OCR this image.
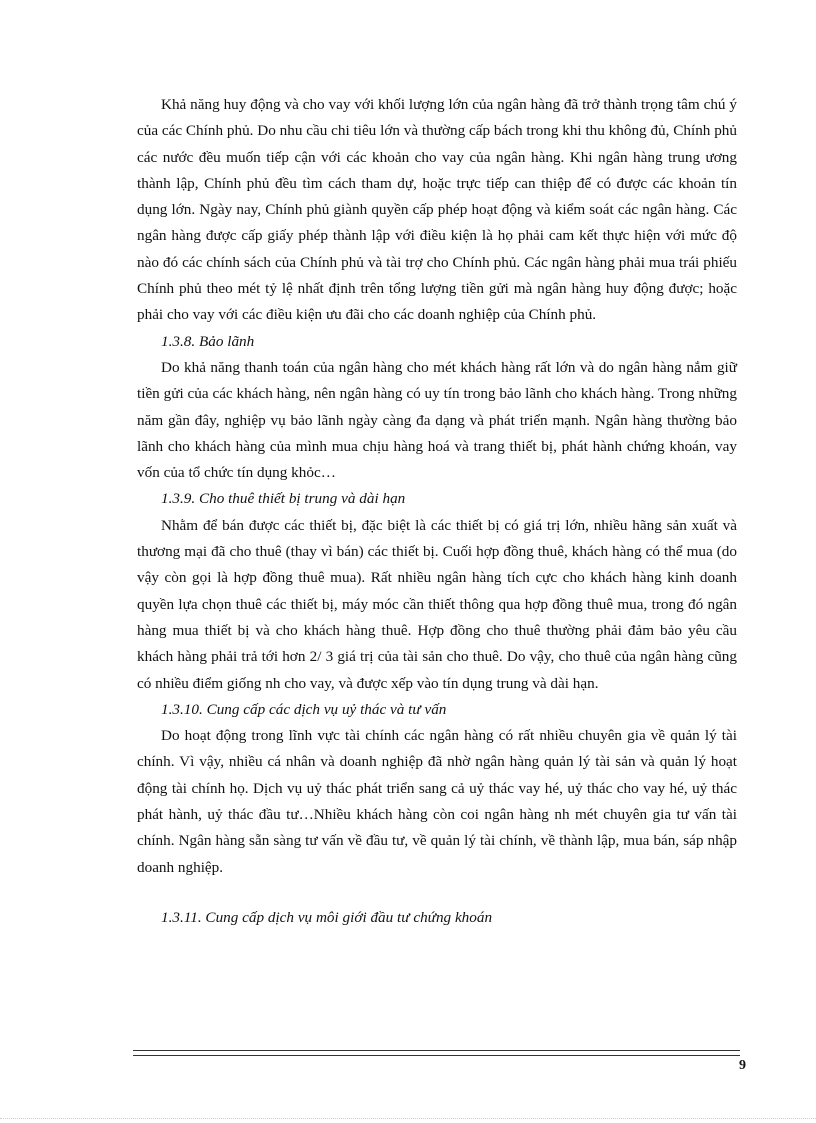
Khả năng huy động và cho vay với khối lượng lớn của ngân hàng đã trở thành trọng tâm chú ý của các Chính phủ. Do nhu cầu chi tiêu lớn và thường cấp bách trong khi thu không đủ, Chính phủ các nước đều muốn tiếp cận với các khoản cho vay của ngân hàng. Khi ngân hàng trung ương thành lập, Chính phủ đều tìm cách tham dự, hoặc trực tiếp can thiệp để có được các khoản tín dụng lớn. Ngày nay, Chính phủ giành quyền cấp phép hoạt động và kiểm soát các ngân hàng. Các ngân hàng được cấp giấy phép thành lập với điều kiện là họ phải cam kết thực hiện với mức độ nào đó các chính sách của Chính phủ và tài trợ cho Chính phủ. Các ngân hàng phải mua trái phiếu Chính phủ theo mét tỷ lệ nhất định trên tổng lượng tiền gửi mà ngân hàng huy động được; hoặc phải cho vay với các điều kiện ưu đãi cho các doanh nghiệp của Chính phủ.

1.3.8. Bảo lãnh

Do khả năng thanh toán của ngân hàng cho mét khách hàng rất lớn và do ngân hàng nắm giữ tiền gửi của các khách hàng, nên ngân hàng có uy tín trong bảo lãnh cho khách hàng. Trong những năm gần đây, nghiệp vụ bảo lãnh ngày càng đa dạng và phát triển mạnh. Ngân hàng thường bảo lãnh cho khách hàng của mình mua chịu hàng hoá và trang thiết bị, phát hành chứng khoán, vay vốn của tổ chức tín dụng khỏc…

1.3.9. Cho thuê thiết bị trung và dài hạn

Nhằm để bán được các thiết bị, đặc biệt là các thiết bị có giá trị lớn, nhiều hãng sản xuất và thương mại đã cho thuê (thay vì bán) các thiết bị. Cuối hợp đồng thuê, khách hàng có thể mua (do vậy còn gọi là hợp đồng thuê mua). Rất nhiều ngân hàng tích cực cho khách hàng kinh doanh quyền lựa chọn thuê các thiết bị, máy móc cần thiết thông qua hợp đồng thuê mua, trong đó ngân hàng mua thiết bị và cho khách hàng thuê. Hợp đồng cho thuê thường phải đảm bảo yêu cầu khách hàng phải trả tới hơn 2/ 3 giá trị của tài sản cho thuê. Do vậy, cho thuê của ngân hàng cũng có nhiều điểm giống nh cho vay, và được xếp vào tín dụng trung và dài hạn.

1.3.10. Cung cấp các dịch vụ uỷ thác và tư vấn

Do hoạt động trong lĩnh vực tài chính các ngân hàng có rất nhiều chuyên gia về quản lý tài chính. Vì vậy, nhiều cá nhân và doanh nghiệp đã nhờ ngân hàng quản lý tài sản và quản lý hoạt động tài chính họ. Dịch vụ uỷ thác phát triển sang cả uỷ thác vay hé, uỷ thác cho vay hé, uỷ thác phát hành, uỷ thác đầu tư…Nhiều khách hàng còn coi ngân hàng nh mét chuyên gia tư vấn tài chính. Ngân hàng sẵn sàng tư vấn về đầu tư, về quản lý tài chính, về thành lập, mua bán, sáp nhập doanh nghiệp.

1.3.11. Cung cấp dịch vụ môi giới đầu tư chứng khoán
9
